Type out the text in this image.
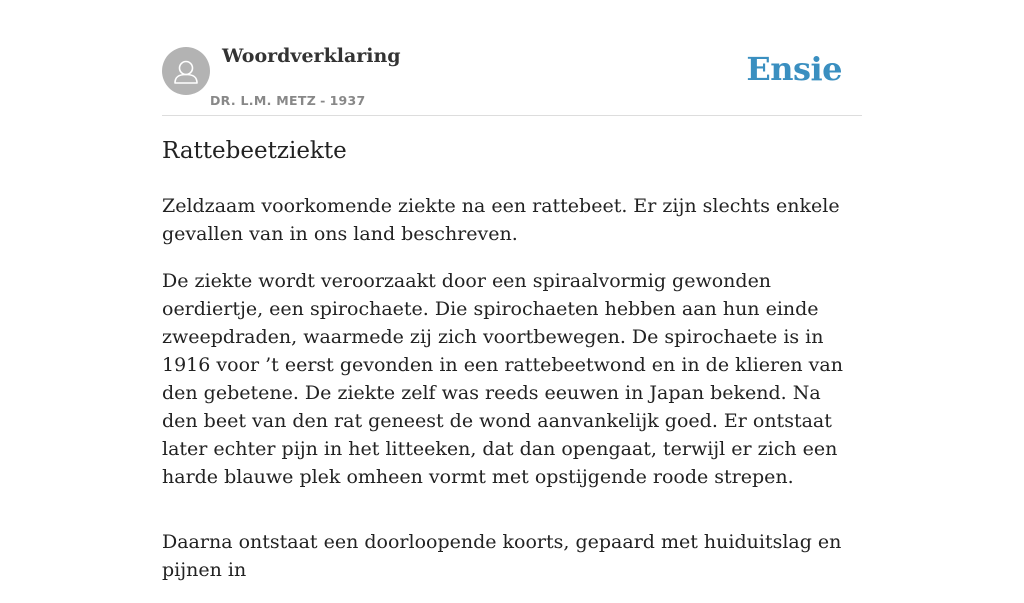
Woordverklaring
DR. L.M. METZ - 1937
Ensie
Rattebeetziekte

Zeldzaam voorkomende ziekte na een rattebeet. Er zijn slechts enkele gevallen van in ons land beschreven.

De ziekte wordt veroorzaakt door een spiraalvormig gewonden oerdiertje, een spirochaete. Die spirochaeten hebben aan hun einde zweepdraden, waarmede zij zich voortbewegen. De spirochaete is in 1916 voor ’t eerst gevonden in een rattebeetwond en in de klieren van den gebetene. De ziekte zelf was reeds eeuwen in Japan bekend. Na den beet van den rat geneest de wond aanvankelijk goed. Er ontstaat later echter pijn in het litteeken, dat dan opengaat, terwijl er zich een harde blauwe plek omheen vormt met opstijgende roode strepen.

Daarna ontstaat een doorloopende koorts, gepaard met huiduitslag en pijnen in
